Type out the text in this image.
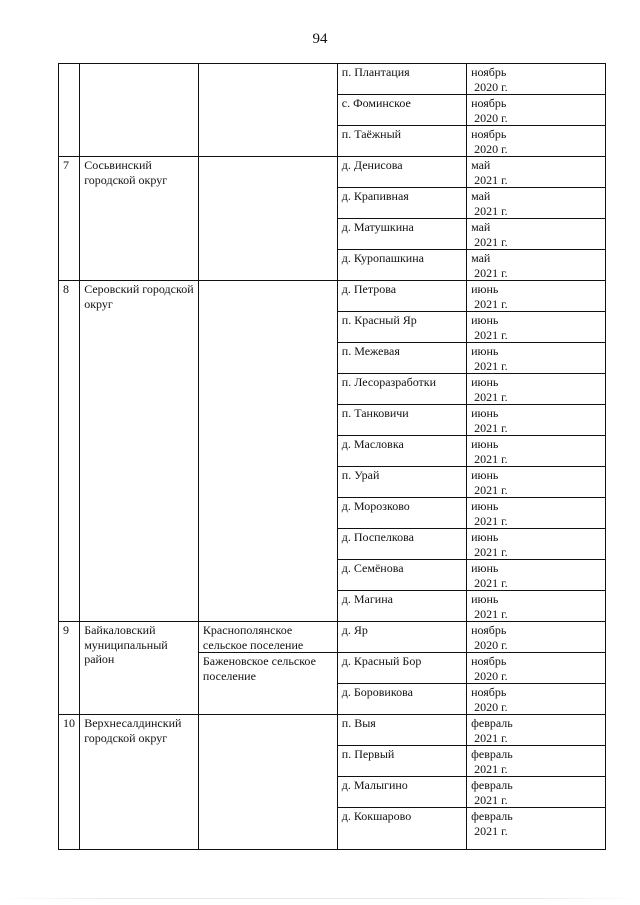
94
			п. Плантация	ноябрь
2020 г.

			с. Фоминское	ноябрь
2020 г.

			п. Таёжный	ноябрь
2020 г.

7	Сосьвинский городской округ		д. Денисова	май
2021 г.

			д. Крапивная	май
2021 г.

			д. Матушкина	май
2021 г.

			д. Куропашкина	май
2021 г.

8	Серовский городской округ		д. Петрова	июнь
2021 г.

			п. Красный Яр	июнь
2021 г.

			п. Межевая	июнь
2021 г.

			п. Лесоразработки	июнь
2021 г.

			п. Танковичи	июнь
2021 г.

			д. Масловка	июнь
2021 г.

			п. Урай	июнь
2021 г.

			д. Морозково	июнь
2021 г.

			д. Поспелкова	июнь
2021 г.

			д. Семёнова	июнь
2021 г.

			д. Магина	июнь
2021 г.

9	Байкаловский муниципальный район	Краснополянское сельское поселение	д. Яр	ноябрь
2020 г.

		Баженовское сельское поселение	д. Красный Бор	ноябрь
2020 г.

			д. Боровикова	ноябрь
2020 г.

10	Верхнесалдинский городской округ		п. Выя	февраль
2021 г.

			п. Первый	февраль
2021 г.

			д. Малыгино	февраль
2021 г.

			д. Кокшарово	февраль
2021 г.
